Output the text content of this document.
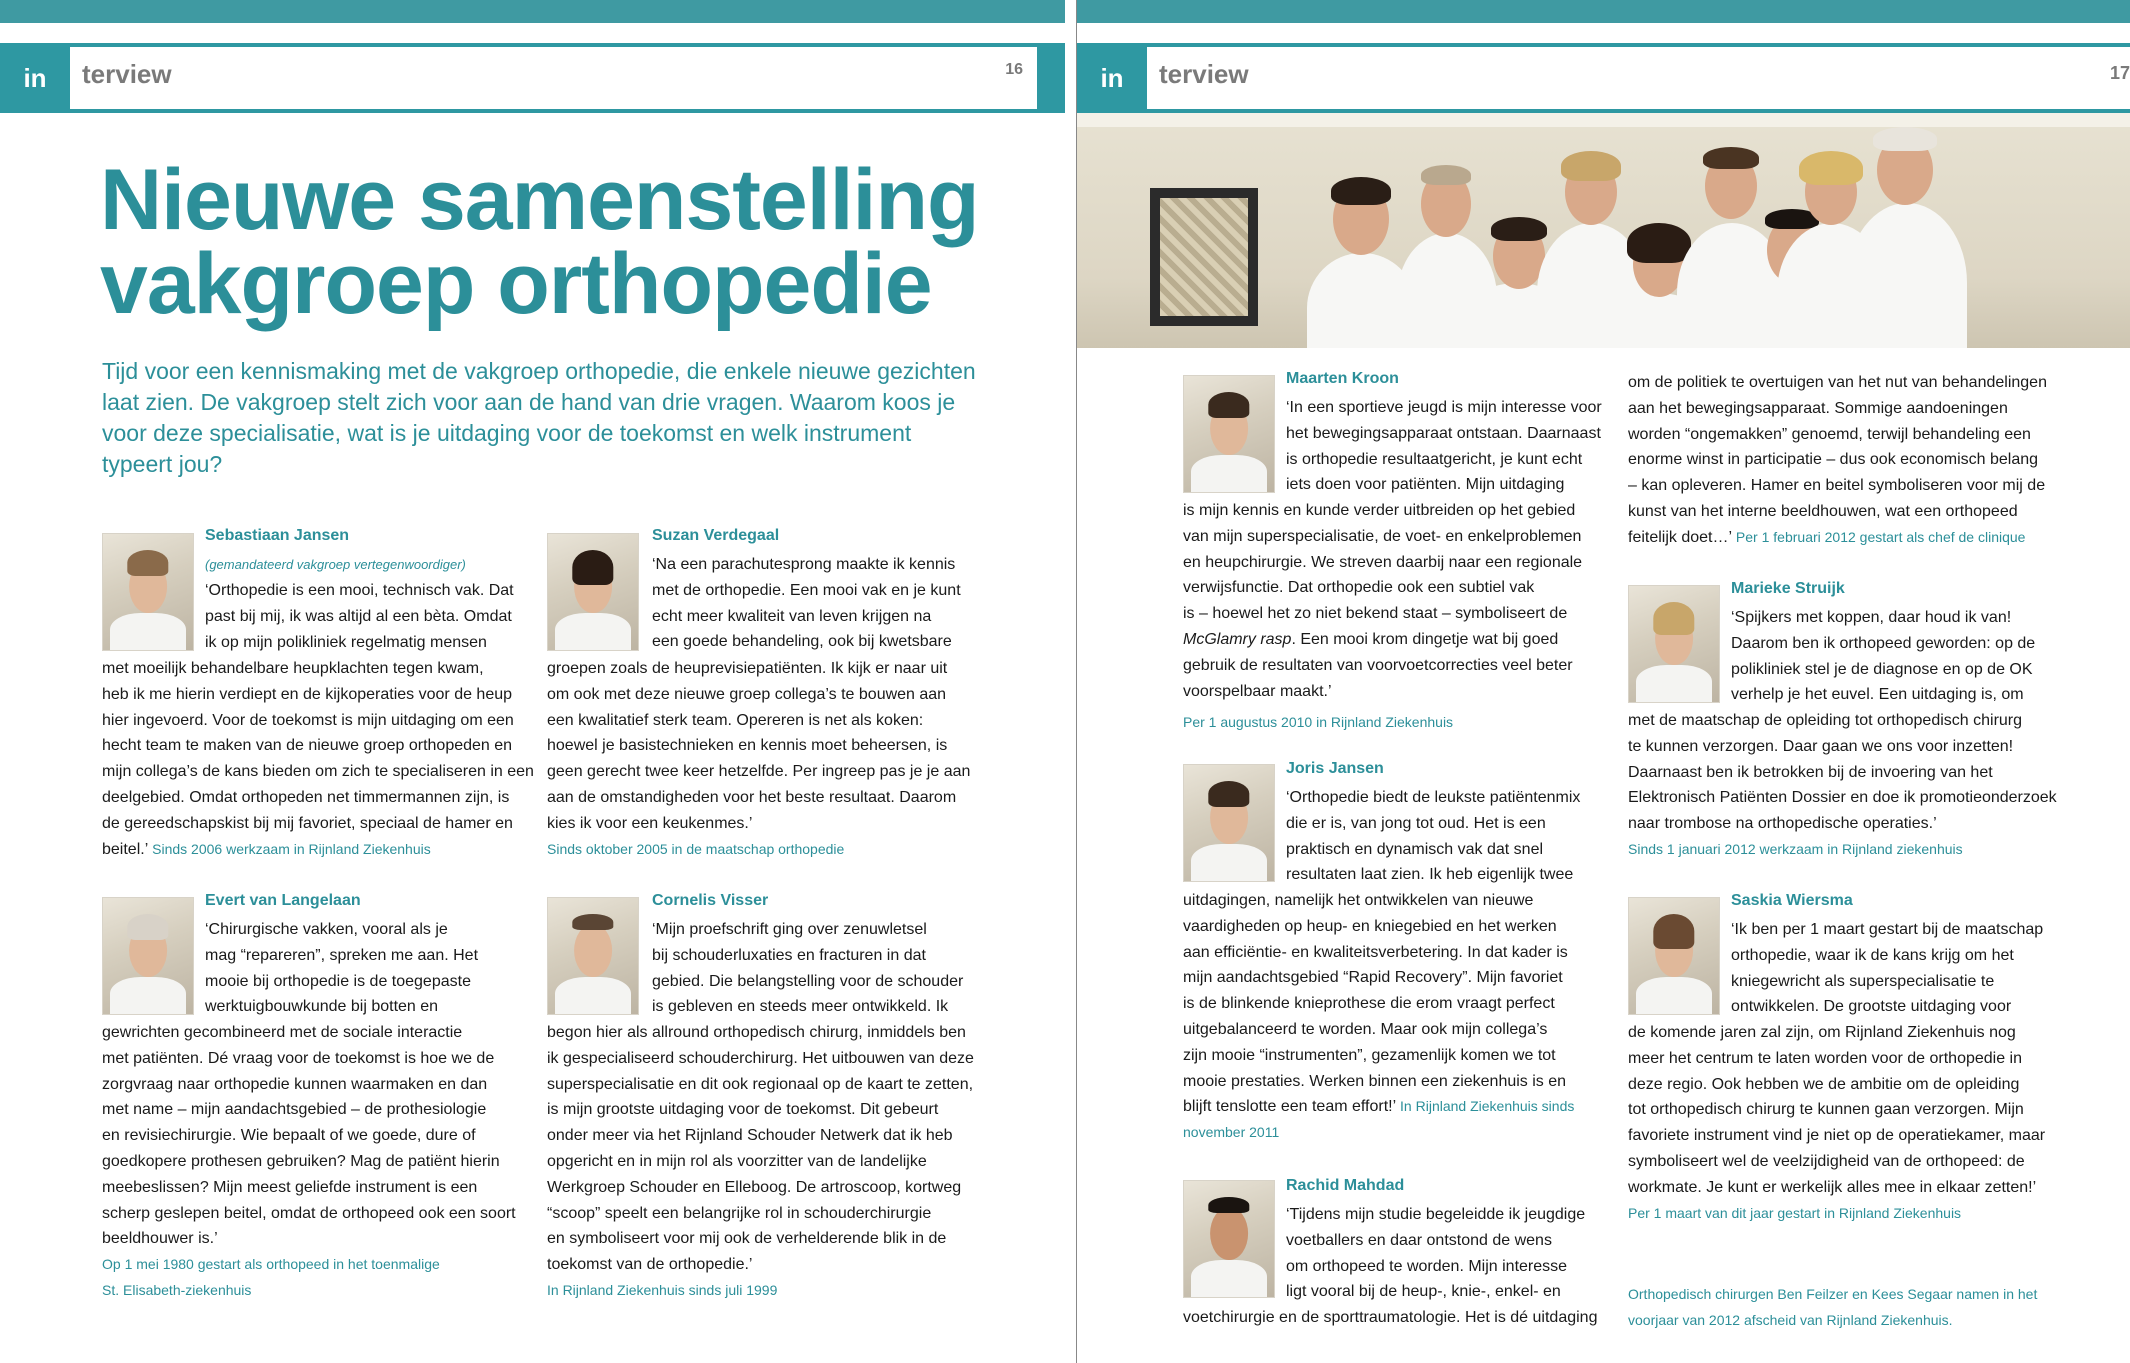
in	terview	16
Nieuwe samenstelling
vakgroep orthopedie
Tijd voor een kennismaking met de vakgroep orthopedie, die enkele nieuwe gezichten laat zien. De vakgroep stelt zich voor aan de hand van drie vragen. Waarom koos je voor deze specialisatie, wat is je uitdaging voor de toekomst en welk instrument typeert jou?
Sebastiaan Jansen
(gemandateerd vakgroep vertegenwoordiger)

‘Orthopedie is een mooi, technisch vak. Dat

past bij mij, ik was altijd al een bèta. Omdat

ik op mijn polikliniek regelmatig mensen

met moeilijk behandelbare heupklachten tegen kwam,

heb ik me hierin verdiept en de kijkoperaties voor de heup

hier ingevoerd. Voor de toekomst is mijn uitdaging om een

hecht team te maken van de nieuwe groep orthopeden en

mijn collega’s de kans bieden om zich te specialiseren in een

deelgebied. Omdat orthopeden net timmermannen zijn, is

de gereedschapskist bij mij favoriet, speciaal de hamer en

beitel.’ Sinds 2006 werkzaam in Rijnland Ziekenhuis

Suzan Verdegaal

‘Na een parachutesprong maakte ik kennis

met de orthopedie. Een mooi vak en je kunt

echt meer kwaliteit van leven krijgen na

een goede behandeling, ook bij kwetsbare

groepen zoals de heuprevisiepatiënten. Ik kijk er naar uit

om ook met deze nieuwe groep collega’s te bouwen aan

een kwalitatief sterk team. Opereren is net als koken:

hoewel je basistechnieken en kennis moet beheersen, is

geen gerecht twee keer hetzelfde. Per ingreep pas je je aan

aan de omstandigheden voor het beste resultaat. Daarom

kies ik voor een keukenmes.’

Sinds oktober 2005 in de maatschap orthopedie

Evert van Langelaan

‘Chirurgische vakken, vooral als je

mag “repareren”, spreken me aan. Het

mooie bij orthopedie is de toegepaste

werktuigbouwkunde bij botten en

gewrichten gecombineerd met de sociale interactie

met patiënten. Dé vraag voor de toekomst is hoe we de

zorgvraag naar orthopedie kunnen waarmaken en dan

met name – mijn aandachtsgebied – de prothesiologie

en revisiechirurgie. Wie bepaalt of we goede, dure of

goedkopere prothesen gebruiken? Mag de patiënt hierin

meebeslissen? Mijn meest geliefde instrument is een

scherp geslepen beitel, omdat de orthopeed ook een soort

beeldhouwer is.’

Op 1 mei 1980 gestart als orthopeed in het toenmalige

St. Elisabeth-ziekenhuis

Cornelis Visser

‘Mijn proefschrift ging over zenuwletsel

bij schouderluxaties en fracturen in dat

gebied. Die belangstelling voor de schouder

is gebleven en steeds meer ontwikkeld. Ik

begon hier als allround orthopedisch chirurg, inmiddels ben

ik gespecialiseerd schouderchirurg. Het uitbouwen van deze

superspecialisatie en dit ook regionaal op de kaart te zetten,

is mijn grootste uitdaging voor de toekomst. Dit gebeurt

onder meer via het Rijnland Schouder Netwerk dat ik heb

opgericht en in mijn rol als voorzitter van de landelijke

Werkgroep Schouder en Elleboog. De artroscoop, kortweg

“scoop” speelt een belangrijke rol in schouderchirurgie

en symboliseert voor mij ook de verhelderende blik in de

toekomst van de orthopedie.’

In Rijnland Ziekenhuis sinds juli 1999

in	terview	17
Maarten Kroon

‘In een sportieve jeugd is mijn interesse voor

het bewegingsapparaat ontstaan. Daarnaast

is orthopedie resultaatgericht, je kunt echt

iets doen voor patiënten. Mijn uitdaging

is mijn kennis en kunde verder uitbreiden op het gebied

van mijn superspecialisatie, de voet- en enkelproblemen

en heupchirurgie. We streven daarbij naar een regionale

verwijsfunctie. Dat orthopedie ook een subtiel vak

is – hoewel het zo niet bekend staat – symboliseert de

McGlamry rasp. Een mooi krom dingetje wat bij goed

gebruik de resultaten van voorvoetcorrecties veel beter

voorspelbaar maakt.’

Per 1 augustus 2010 in Rijnland Ziekenhuis

Joris Jansen

‘Orthopedie biedt de leukste patiëntenmix

die er is, van jong tot oud. Het is een

praktisch en dynamisch vak dat snel

resultaten laat zien. Ik heb eigenlijk twee

uitdagingen, namelijk het ontwikkelen van nieuwe

vaardigheden op heup- en kniegebied en het werken

aan efficiëntie- en kwaliteitsverbetering. In dat kader is

mijn aandachtsgebied “Rapid Recovery”. Mijn favoriet

is de blinkende knieprothese die erom vraagt perfect

uitgebalanceerd te worden. Maar ook mijn collega’s

zijn mooie “instrumenten”, gezamenlijk komen we tot

mooie prestaties. Werken binnen een ziekenhuis is en

blijft tenslotte een team effort!’ In Rijnland Ziekenhuis sinds

november 2011

Rachid Mahdad

‘Tijdens mijn studie begeleidde ik jeugdige

voetballers en daar ontstond de wens

om orthopeed te worden. Mijn interesse

ligt vooral bij de heup-, knie-, enkel- en

voetchirurgie en de sporttraumatologie. Het is dé uitdaging

om de politiek te overtuigen van het nut van behandelingen

aan het bewegingsapparaat. Sommige aandoeningen

worden “ongemakken” genoemd, terwijl behandeling een

enorme winst in participatie – dus ook economisch belang

– kan opleveren. Hamer en beitel symboliseren voor mij de

kunst van het interne beeldhouwen, wat een orthopeed

feitelijk doet…’ Per 1 februari 2012 gestart als chef de clinique

Marieke Struijk

‘Spijkers met koppen, daar houd ik van!

Daarom ben ik orthopeed geworden: op de

polikliniek stel je de diagnose en op de OK

verhelp je het euvel. Een uitdaging is, om

met de maatschap de opleiding tot orthopedisch chirurg

te kunnen verzorgen. Daar gaan we ons voor inzetten!

Daarnaast ben ik betrokken bij de invoering van het

Elektronisch Patiënten Dossier en doe ik promotieonderzoek

naar trombose na orthopedische operaties.’

Sinds 1 januari 2012 werkzaam in Rijnland ziekenhuis

Saskia Wiersma

‘Ik ben per 1 maart gestart bij de maatschap

orthopedie, waar ik de kans krijg om het

kniegewricht als superspecialisatie te

ontwikkelen. De grootste uitdaging voor

de komende jaren zal zijn, om Rijnland Ziekenhuis nog

meer het centrum te laten worden voor de orthopedie in

deze regio. Ook hebben we de ambitie om de opleiding

tot orthopedisch chirurg te kunnen gaan verzorgen. Mijn

favoriete instrument vind je niet op de operatiekamer, maar

symboliseert wel de veelzijdigheid van de orthopeed: de

workmate. Je kunt er werkelijk alles mee in elkaar zetten!’

Per 1 maart van dit jaar gestart in Rijnland Ziekenhuis

Orthopedisch chirurgen Ben Feilzer en Kees Segaar namen in het

voorjaar van 2012 afscheid van Rijnland Ziekenhuis.
